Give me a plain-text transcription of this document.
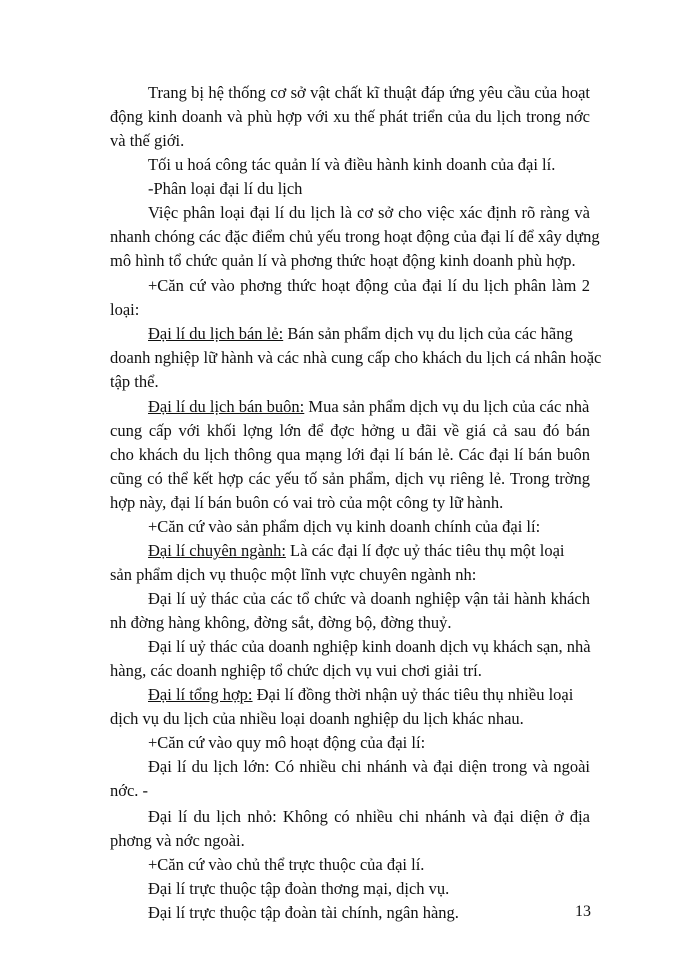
Trang bị hệ thống cơ sở vật chất kĩ thuật đáp ứng yêu cầu của hoạt
động kinh doanh và phù hợp với xu thế phát triển của du lịch trong nớc
và thế giới.
Tối u hoá công tác quản lí và điều hành kinh doanh của đại lí.
-Phân loại đại lí du lịch
Việc phân loại đại lí du lịch là cơ sở cho việc xác định rõ ràng và
nhanh chóng các đặc điểm chủ yếu trong hoạt động của đại lí để xây dựng
mô hình tổ chức quản lí và phơng thức hoạt động kinh doanh phù hợp.
+Căn cứ vào phơng thức hoạt động của đại lí du lịch phân làm 2
loại:
Đại lí du lịch bán lẻ: Bán sản phẩm dịch vụ du lịch của các hãng
doanh nghiệp lữ hành và các nhà cung cấp cho khách du lịch cá nhân hoặc
tập thể.
Đại lí du lịch bán buôn: Mua sản phẩm dịch vụ du lịch của các nhà
cung cấp với khối lợng lớn để đợc hởng u đãi về giá cả sau đó bán
cho khách du lịch thông qua mạng lới đại lí bán lẻ. Các đại lí bán buôn
cũng có thể kết hợp các yếu tố sản phẩm, dịch vụ riêng lẻ. Trong trờng
hợp này, đại lí bán buôn có vai trò của một công ty lữ hành.
+Căn cứ vào sản phẩm dịch vụ kinh doanh chính của đại lí:
Đại lí chuyên ngành: Là các đại lí đợc uỷ thác tiêu thụ một loại
sản phẩm dịch vụ thuộc một lĩnh vực chuyên ngành nh:
Đại lí uỷ thác của các tổ chức và doanh nghiệp vận tải hành khách
nh đờng hàng không, đờng sắt, đờng bộ, đờng thuỷ.
Đại lí uỷ thác của doanh nghiệp kinh doanh dịch vụ khách sạn, nhà
hàng, các doanh nghiệp tổ chức dịch vụ vui chơi giải trí.
Đại lí tổng hợp: Đại lí đồng thời nhận uỷ thác tiêu thụ nhiều loại
dịch vụ du lịch của nhiều loại doanh nghiệp du lịch khác nhau.
+Căn cứ vào quy mô hoạt động của đại lí:
Đại lí du lịch lớn: Có nhiều chi nhánh và đại diện trong và ngoài
nớc. -
Đại lí du lịch nhỏ: Không có nhiều chi nhánh và đại diện ở địa
phơng và nớc ngoài.
+Căn cứ vào chủ thể trực thuộc của đại lí.
Đại lí trực thuộc tập đoàn thơng mại, dịch vụ.
Đại lí trực thuộc tập đoàn tài chính, ngân hàng.	13
